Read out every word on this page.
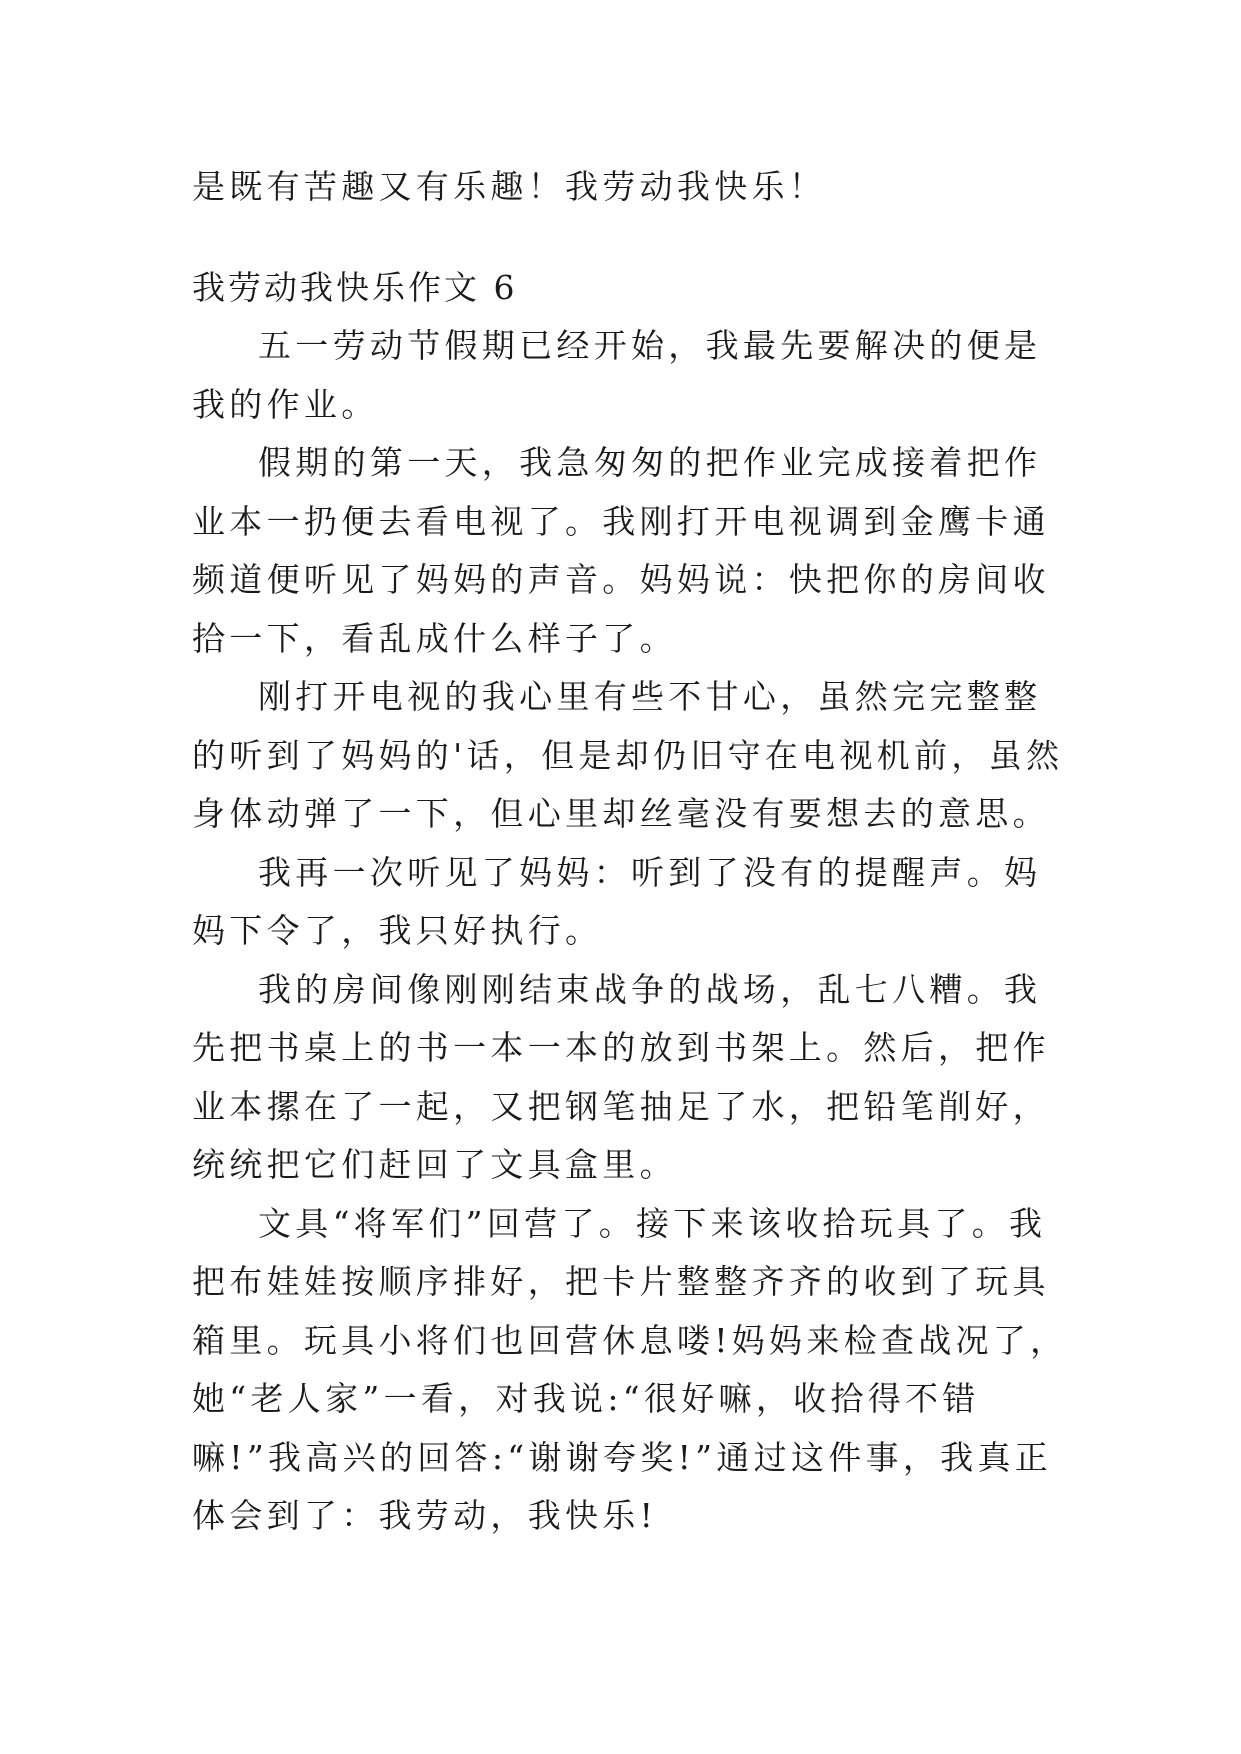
是既有苦趣又有乐趣！我劳动我快乐！

我劳动我快乐作文 6

五一劳动节假期已经开始，我最先要解决的便是我的作业。

假期的第一天，我急匆匆的把作业完成接着把作业本一扔便去看电视了。我刚打开电视调到金鹰卡通频道便听见了妈妈的声音。妈妈说：快把你的房间收拾一下，看乱成什么样子了。

刚打开电视的我心里有些不甘心，虽然完完整整的听到了妈妈的'话，但是却仍旧守在电视机前，虽然身体动弹了一下，但心里却丝毫没有要想去的意思。

我再一次听见了妈妈：听到了没有的提醒声。妈妈下令了，我只好执行。

我的房间像刚刚结束战争的战场，乱七八糟。我先把书桌上的书一本一本的放到书架上。然后，把作业本摞在了一起，又把钢笔抽足了水，把铅笔削好，统统把它们赶回了文具盒里。

文具“将军们”回营了。接下来该收拾玩具了。我把布娃娃按顺序排好，把卡片整整齐齐的收到了玩具箱里。玩具小将们也回营休息喽!妈妈来检查战况了，她“老人家”一看，对我说:“很好嘛，收拾得不错嘛!”我高兴的回答:“谢谢夸奖!”通过这件事，我真正体会到了：我劳动，我快乐!
